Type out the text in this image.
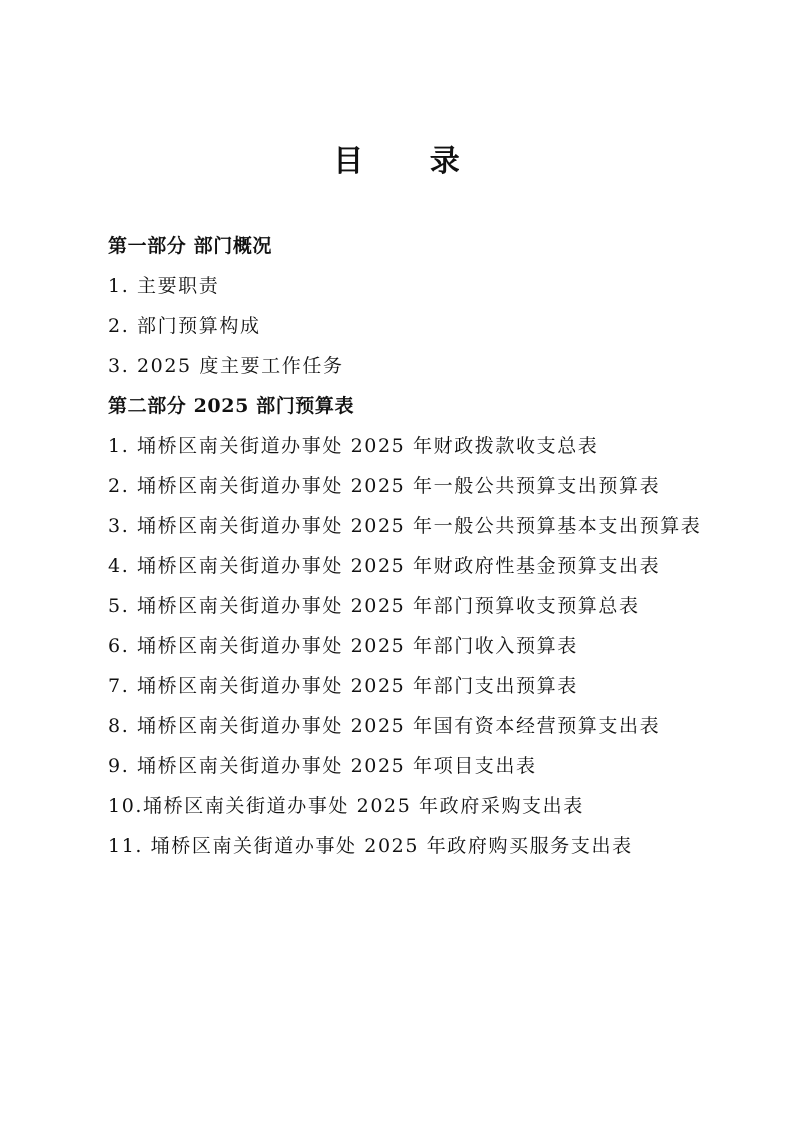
目 录
第一部分 部门概况
1. 主要职责
2. 部门预算构成
3. 2025 度主要工作任务
第二部分 2025 部门预算表
1. 埇桥区南关街道办事处 2025 年财政拨款收支总表
2. 埇桥区南关街道办事处 2025 年一般公共预算支出预算表
3. 埇桥区南关街道办事处 2025 年一般公共预算基本支出预算表
4. 埇桥区南关街道办事处 2025 年财政府性基金预算支出表
5. 埇桥区南关街道办事处 2025 年部门预算收支预算总表
6. 埇桥区南关街道办事处 2025 年部门收入预算表
7. 埇桥区南关街道办事处 2025 年部门支出预算表
8. 埇桥区南关街道办事处 2025 年国有资本经营预算支出表
9. 埇桥区南关街道办事处 2025 年项目支出表
10.埇桥区南关街道办事处 2025 年政府采购支出表
11. 埇桥区南关街道办事处 2025 年政府购买服务支出表
